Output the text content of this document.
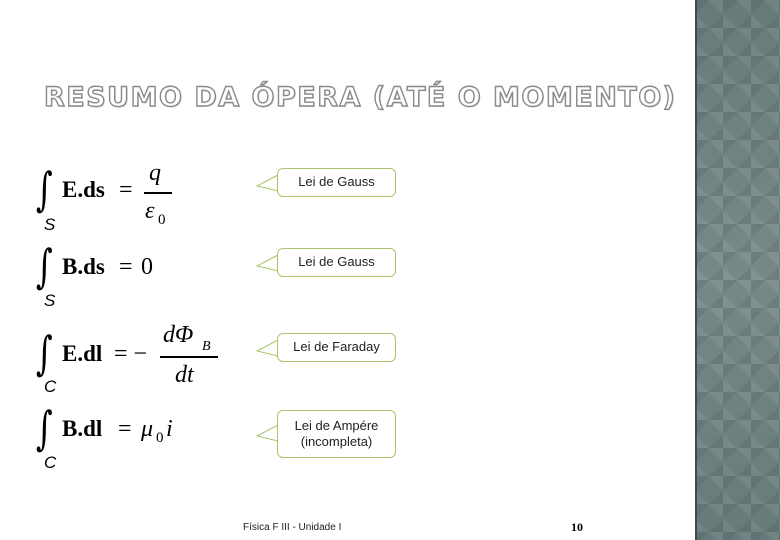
RESUMO DA ÓPERA (ATÉ O MOMENTO)
∫
S
E.ds =
q
ε 0
∫
S
B.ds = 0
∫
C
E.dl = −
dΦ B
dt
∫
C
B.dl = μ 0 i
Lei de Gauss
Lei de Gauss
Lei de Faraday
Lei de Ampére
(incompleta)
Física F III - Unidade I	10
